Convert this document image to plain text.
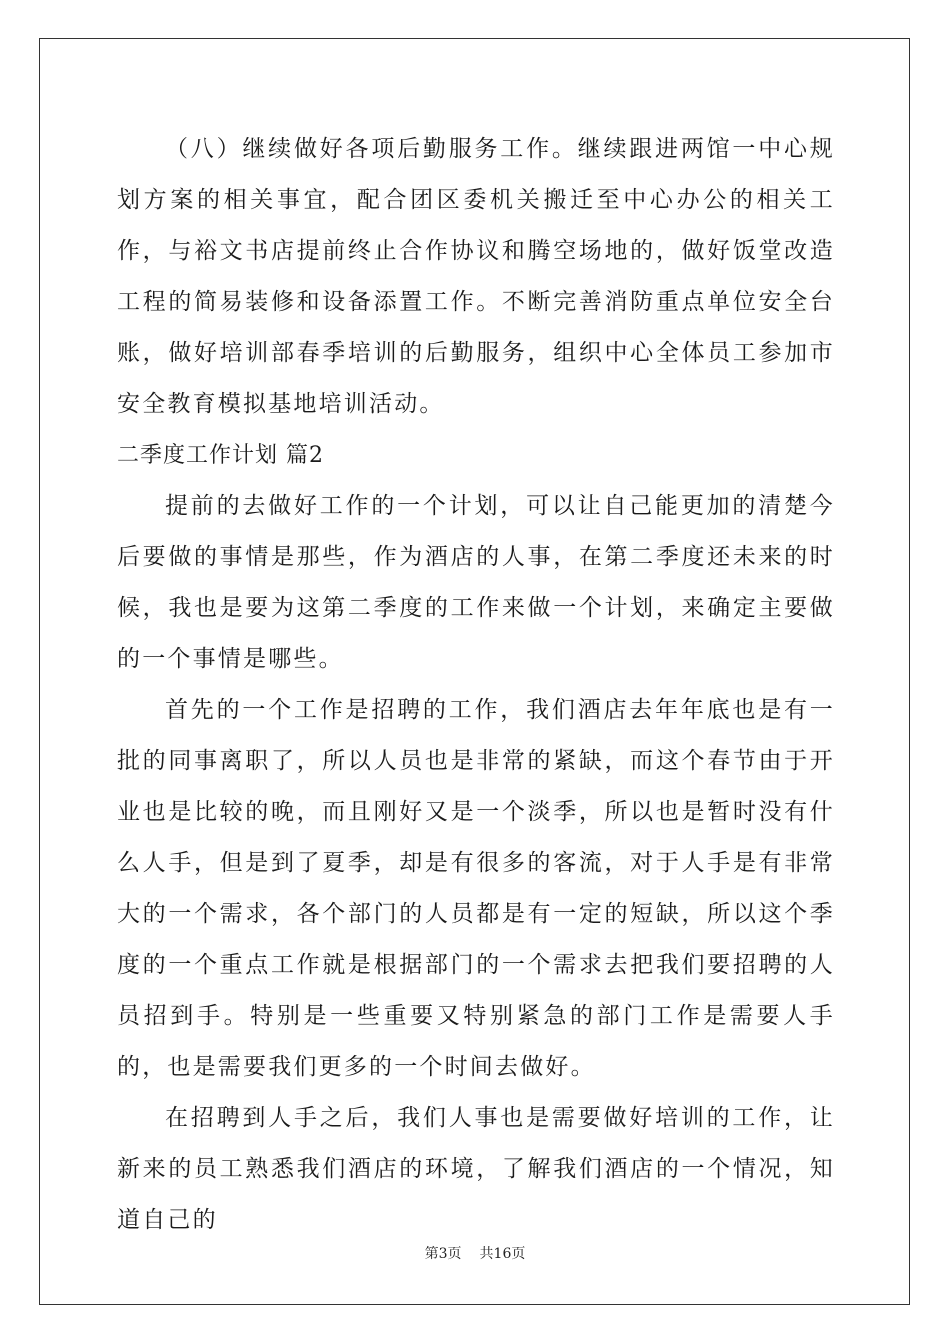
（八）继续做好各项后勤服务工作。继续跟进两馆一中心规划方案的相关事宜，配合团区委机关搬迁至中心办公的相关工作，与裕文书店提前终止合作协议和腾空场地的，做好饭堂改造工程的简易装修和设备添置工作。不断完善消防重点单位安全台账，做好培训部春季培训的后勤服务，组织中心全体员工参加市安全教育模拟基地培训活动。

二季度工作计划 篇2

提前的去做好工作的一个计划，可以让自己能更加的清楚今后要做的事情是那些，作为酒店的人事，在第二季度还未来的时候，我也是要为这第二季度的工作来做一个计划，来确定主要做的一个事情是哪些。

首先的一个工作是招聘的工作，我们酒店去年年底也是有一批的同事离职了，所以人员也是非常的紧缺，而这个春节由于开业也是比较的晚，而且刚好又是一个淡季，所以也是暂时没有什么人手，但是到了夏季，却是有很多的客流，对于人手是有非常大的一个需求，各个部门的人员都是有一定的短缺，所以这个季度的一个重点工作就是根据部门的一个需求去把我们要招聘的人员招到手。特别是一些重要又特别紧急的部门工作是需要人手的，也是需要我们更多的一个时间去做好。

在招聘到人手之后，我们人事也是需要做好培训的工作，让新来的员工熟悉我们酒店的环境，了解我们酒店的一个情况，知道自己的

第3页 共16页
